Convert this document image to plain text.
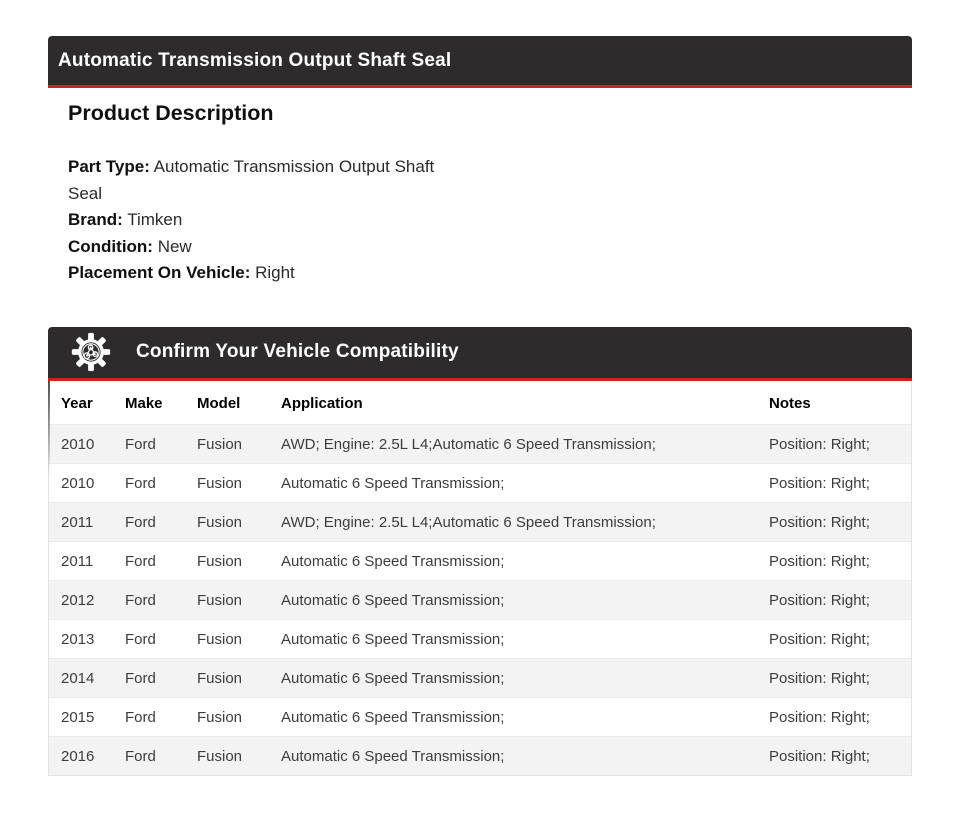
Automatic Transmission Output Shaft Seal
Product Description
Part Type: Automatic Transmission Output Shaft Seal
Brand: Timken
Condition: New
Placement On Vehicle: Right
Confirm Your Vehicle Compatibility
Year	Make	Model	Application	Notes
2010	Ford	Fusion	AWD; Engine: 2.5L L4;Automatic 6 Speed Transmission;	Position: Right;
2010	Ford	Fusion	Automatic 6 Speed Transmission;	Position: Right;
2011	Ford	Fusion	AWD; Engine: 2.5L L4;Automatic 6 Speed Transmission;	Position: Right;
2011	Ford	Fusion	Automatic 6 Speed Transmission;	Position: Right;
2012	Ford	Fusion	Automatic 6 Speed Transmission;	Position: Right;
2013	Ford	Fusion	Automatic 6 Speed Transmission;	Position: Right;
2014	Ford	Fusion	Automatic 6 Speed Transmission;	Position: Right;
2015	Ford	Fusion	Automatic 6 Speed Transmission;	Position: Right;
2016	Ford	Fusion	Automatic 6 Speed Transmission;	Position: Right;
